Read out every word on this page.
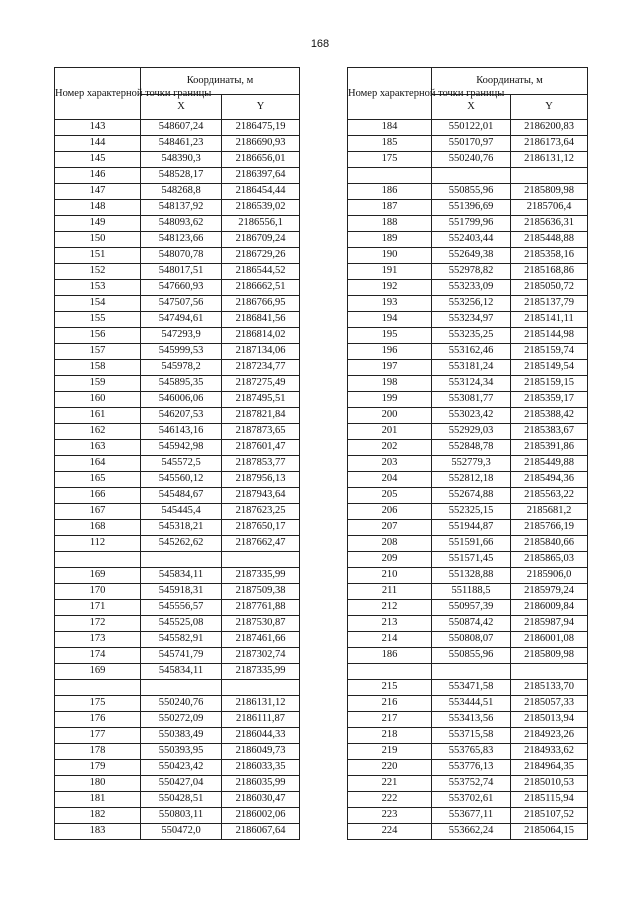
168
Номер характерной точки границы	Координаты, м	
	X	Y
143	548607,24	2186475,19
144	548461,23	2186690,93
145	548390,3	2186656,01
146	548528,17	2186397,64
147	548268,8	2186454,44
148	548137,92	2186539,02
149	548093,62	2186556,1
150	548123,66	2186709,24
151	548070,78	2186729,26
152	548017,51	2186544,52
153	547660,93	2186662,51
154	547507,56	2186766,95
155	547494,61	2186841,56
156	547293,9	2186814,02
157	545999,53	2187134,06
158	545978,2	2187234,77
159	545895,35	2187275,49
160	546006,06	2187495,51
161	546207,53	2187821,84
162	546143,16	2187873,65
163	545942,98	2187601,47
164	545572,5	2187853,77
165	545560,12	2187956,13
166	545484,67	2187943,64
167	545445,4	2187623,25
168	545318,21	2187650,17
112	545262,62	2187662,47

169	545834,11	2187335,99
170	545918,31	2187509,38
171	545556,57	2187761,88
172	545525,08	2187530,87
173	545582,91	2187461,66
174	545741,79	2187302,74
169	545834,11	2187335,99

175	550240,76	2186131,12
176	550272,09	2186111,87
177	550383,49	2186044,33
178	550393,95	2186049,73
179	550423,42	2186033,35
180	550427,04	2186035,99
181	550428,51	2186030,47
182	550803,11	2186002,06
183	550472,0	2186067,64
Номер характерной точки границы	Координаты, м	
	X	Y
184	550122,01	2186200,83
185	550170,97	2186173,64
175	550240,76	2186131,12

186	550855,96	2185809,98
187	551396,69	2185706,4
188	551799,96	2185636,31
189	552403,44	2185448,88
190	552649,38	2185358,16
191	552978,82	2185168,86
192	553233,09	2185050,72
193	553256,12	2185137,79
194	553234,97	2185141,11
195	553235,25	2185144,98
196	553162,46	2185159,74
197	553181,24	2185149,54
198	553124,34	2185159,15
199	553081,77	2185359,17
200	553023,42	2185388,42
201	552929,03	2185383,67
202	552848,78	2185391,86
203	552779,3	2185449,88
204	552812,18	2185494,36
205	552674,88	2185563,22
206	552325,15	2185681,2
207	551944,87	2185766,19
208	551591,66	2185840,66
209	551571,45	2185865,03
210	551328,88	2185906,0
211	551188,5	2185979,24
212	550957,39	2186009,84
213	550874,42	2185987,94
214	550808,07	2186001,08
186	550855,96	2185809,98

215	553471,58	2185133,70
216	553444,51	2185057,33
217	553413,56	2185013,94
218	553715,58	2184923,26
219	553765,83	2184933,62
220	553776,13	2184964,35
221	553752,74	2185010,53
222	553702,61	2185115,94
223	553677,11	2185107,52
224	553662,24	2185064,15
